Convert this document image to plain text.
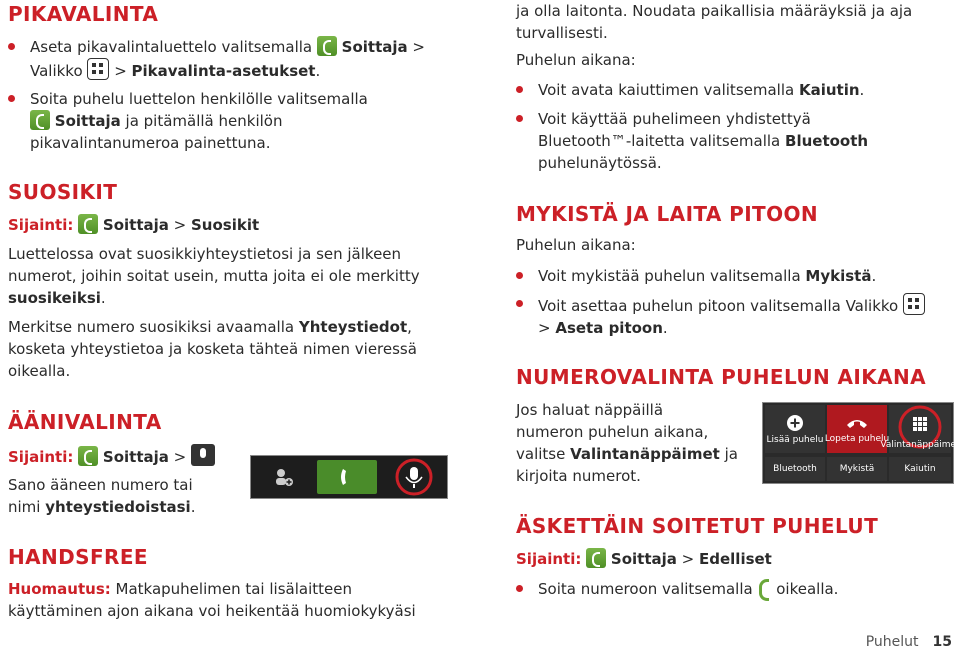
PIKAVALINTA
Aseta pikavalintaluettelo valitsemalla  Soittaja >
Valikko  > Pikavalinta-asetukset.
Soita puhelu luettelon henkilölle valitsemalla
Soittaja ja pitämällä henkilön
pikavalintanumeroa painettuna.
SUOSIKIT

Sijainti: Soittaja > Suosikit

Luettelossa ovat suosikkiyhteystietosi ja sen jälkeen
numerot, joihin soitat usein, mutta joita ei ole merkitty
suosikeiksi.

Merkitse numero suosikiksi avaamalla Yhteystiedot,
kosketa yhteystietoa ja kosketa tähteä nimen vieressä
oikealla.

ÄÄNIVALINTA

Sijainti: Soittaja >

Sano ääneen numero tai
nimi yhteystiedoistasi.

HANDSFREE

Huomautus: Matkapuhelimen tai lisälaitteen
käyttäminen ajon aikana voi heikentää huomiokykyäsi

ja olla laitonta. Noudata paikallisia määräyksiä ja aja
turvallisesti.

Puhelun aikana:

Voit avata kaiuttimen valitsemalla Kaiutin.
Voit käyttää puhelimeen yhdistettyä
Bluetooth™-laitetta valitsemalla Bluetooth
puhelunäytössä.
MYKISTÄ JA LAITA PITOON

Puhelun aikana:

Voit mykistää puhelun valitsemalla Mykistä.
Voit asettaa puhelun pitoon valitsemalla Valikko
> Aseta pitoon.
NUMEROVALINTA PUHELUN AIKANA

Jos haluat näppäillä
numeron puhelun aikana,
valitse Valintanäppäimet ja
kirjoita numerot.

Lisää puhelu Lopeta puhelu
Valintanäppäimet
Bluetooth	Mykistä	Kaiutin
ÄSKETTÄIN SOITETUT PUHELUT

Sijainti: Soittaja > Edelliset

Soita numeroon valitsemalla  oikealla.
Puhelut 15
